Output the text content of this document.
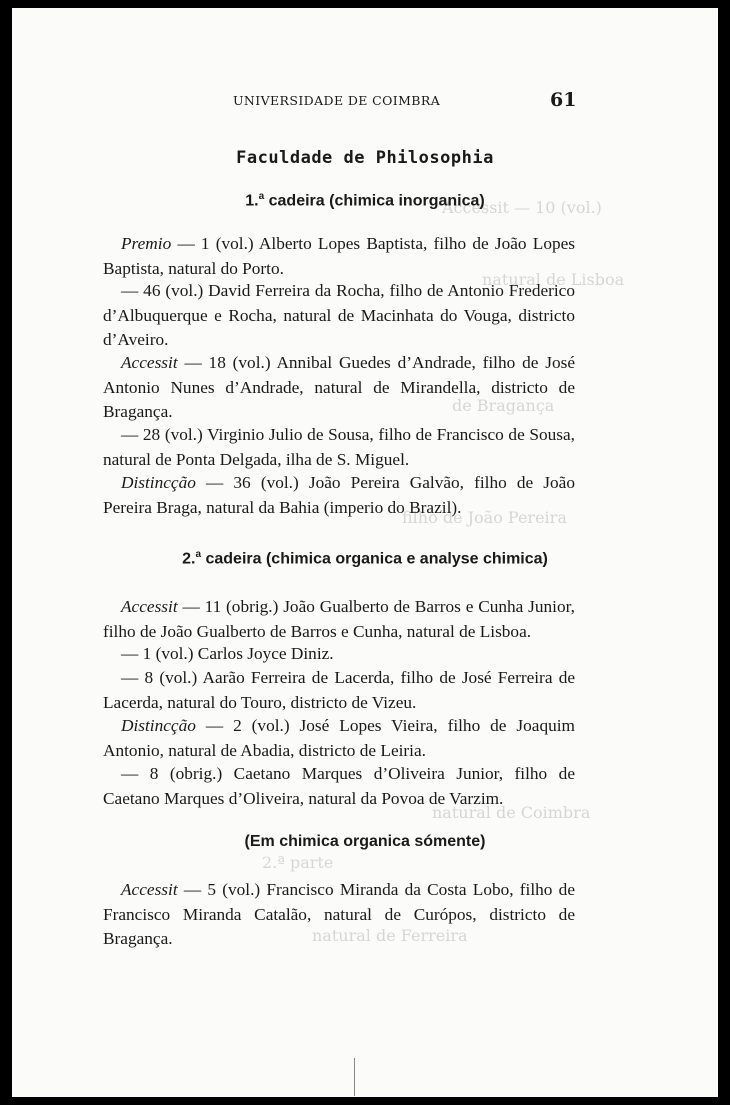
Accessit — 10 (vol.)
natural de Lisboa
de Bragança
filho de João Pereira
natural de Coimbra
2.ª parte
natural de Ferreira
UNIVERSIDADE DE COIMBRA	61
Faculdade de Philosophia
1.$^a$ cadeira (chimica inorganica)

Premio — 1 (vol.) Alberto Lopes Baptista, filho de João Lopes Baptista, natural do Porto.

— 46 (vol.) David Ferreira da Rocha, filho de Antonio Frederico d’Albuquerque e Rocha, natural de Macinhata do Vouga, districto d’Aveiro.

Accessit — 18 (vol.) Annibal Guedes d’Andrade, filho de José Antonio Nunes d’Andrade, natural de Mirandella, districto de Bragança.

— 28 (vol.) Virginio Julio de Sousa, filho de Francisco de Sousa, natural de Ponta Delgada, ilha de S. Miguel.

Distincção — 36 (vol.) João Pereira Galvão, filho de João Pereira Braga, natural da Bahia (imperio do Brazil).

2.$^a$ cadeira (chimica organica e analyse chimica)

Accessit — 11 (obrig.) João Gualberto de Barros e Cunha Junior, filho de João Gualberto de Barros e Cunha, natural de Lisboa.

— 1 (vol.) Carlos Joyce Diniz.

— 8 (vol.) Aarão Ferreira de Lacerda, filho de José Ferreira de Lacerda, natural do Touro, districto de Vizeu.

Distincção — 2 (vol.) José Lopes Vieira, filho de Joaquim Antonio, natural de Abadia, districto de Leiria.

— 8 (obrig.) Caetano Marques d’Oliveira Junior, filho de Caetano Marques d’Oliveira, natural da Povoa de Varzim.

(Em chimica organica sómente)

Accessit — 5 (vol.) Francisco Miranda da Costa Lobo, filho de Francisco Miranda Catalão, natural de Curópos, districto de Bragança.
